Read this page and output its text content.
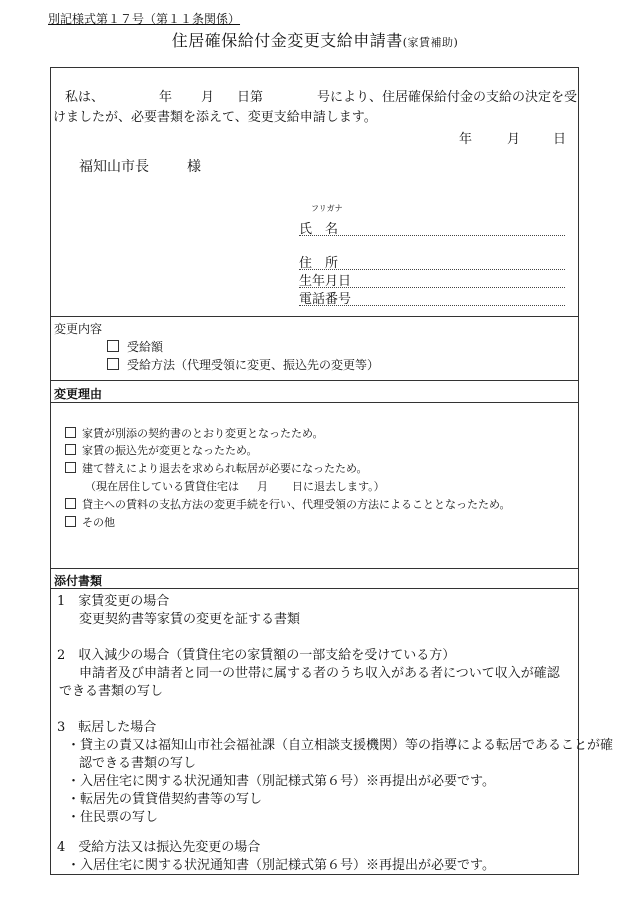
別記様式第１７号（第１１条関係）
住居確保給付金変更支給申請書(家賃補助)
私は、	年 月 日第	号により、住居確保給付金の支給の決定を受
けましたが、必要書類を添えて、変更支給申請します。
年	月	日
福知山市長	様
フリガナ
氏　名
住　所
生年月日
電話番号
変更内容
受給額
受給方法（代理受領に変更、振込先の変更等）
変更理由
家賃が別添の契約書のとおり変更となったため。
家賃の振込先が変更となったため。
建て替えにより退去を求められ転居が必要になったため。
（現在居住している賃貸住宅は 月 日に退去します。）
貸主への賃料の支払方法の変更手続を行い、代理受領の方法によることとなったため。
その他
添付書類
1　家賃変更の場合
変更契約書等家賃の変更を証する書類
2　収入減少の場合（賃貸住宅の家賃額の一部支給を受けている方）
申請者及び申請者と同一の世帯に属する者のうち収入がある者について収入が確認
できる書類の写し
3　転居した場合
・貸主の責又は福知山市社会福祉課（自立相談支援機関）等の指導による転居であることが確
認できる書類の写し
・入居住宅に関する状況通知書（別記様式第６号）※再提出が必要です。
・転居先の賃貸借契約書等の写し
・住民票の写し
4　受給方法又は振込先変更の場合
・入居住宅に関する状況通知書（別記様式第６号）※再提出が必要です。
